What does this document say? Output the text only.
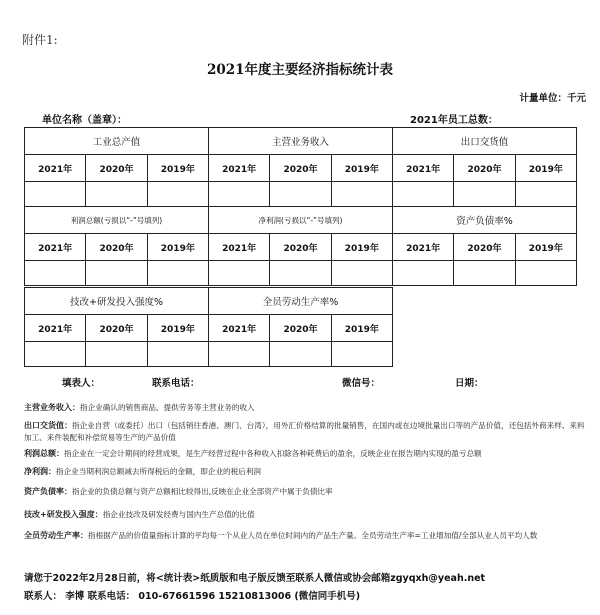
附件1:
2021年度主要经济指标统计表
计量单位：千元
单位名称（盖章）：	2021年员工总数：
工业总产值			主营业务收入			出口交货值		
2021年	2020年	2019年	2021年	2020年	2019年	2021年	2020年	2019年

利润总额(亏损以“-”号填列)			净利润(亏损以“-”号填列)			资产负债率%		
2021年	2020年	2019年	2021年	2020年	2019年	2021年	2020年	2019年

技改+研发投入强度%			全员劳动生产率%		
2021年	2020年	2019年	2021年	2020年	2019年

填表人：	联系电话：	微信号：	日期：
主营业务收入：指企业确认的销售商品、提供劳务等主营业务的收入
出口交货值：指企业自营（或委托）出口（包括销往香港、澳门、台湾），用外汇价格结算的批量销售，在国内或在边境批量出口等的产品价值，还包括外商来样、来料加工、来件装配和补偿贸易等生产的产品价值
利润总额：指企业在一定会计期间的经营成果，是生产经营过程中各种收入扣除各种耗费后的盈余，反映企业在报告期内实现的盈亏总额
净利润：指企业当期利润总额减去所得税后的金额，即企业的税后利润
资产负债率：指企业的负债总额与资产总额相比较得出,反映在企业全部资产中属于负债比率
技改+研发投入强度：指企业技改及研发经费与国内生产总值的比值
全员劳动生产率：指根据产品的价值量指标计算的平均每一个从业人员在单位时间内的产品生产量。全员劳动生产率=工业增加值/全部从业人员平均人数
请您于2022年2月28日前，将<统计表>纸质版和电子版反馈至联系人微信或协会邮箱zgyqxh@yeah.net
联系人： 李博 联系电话： 010-67661596 15210813006 (微信同手机号)
